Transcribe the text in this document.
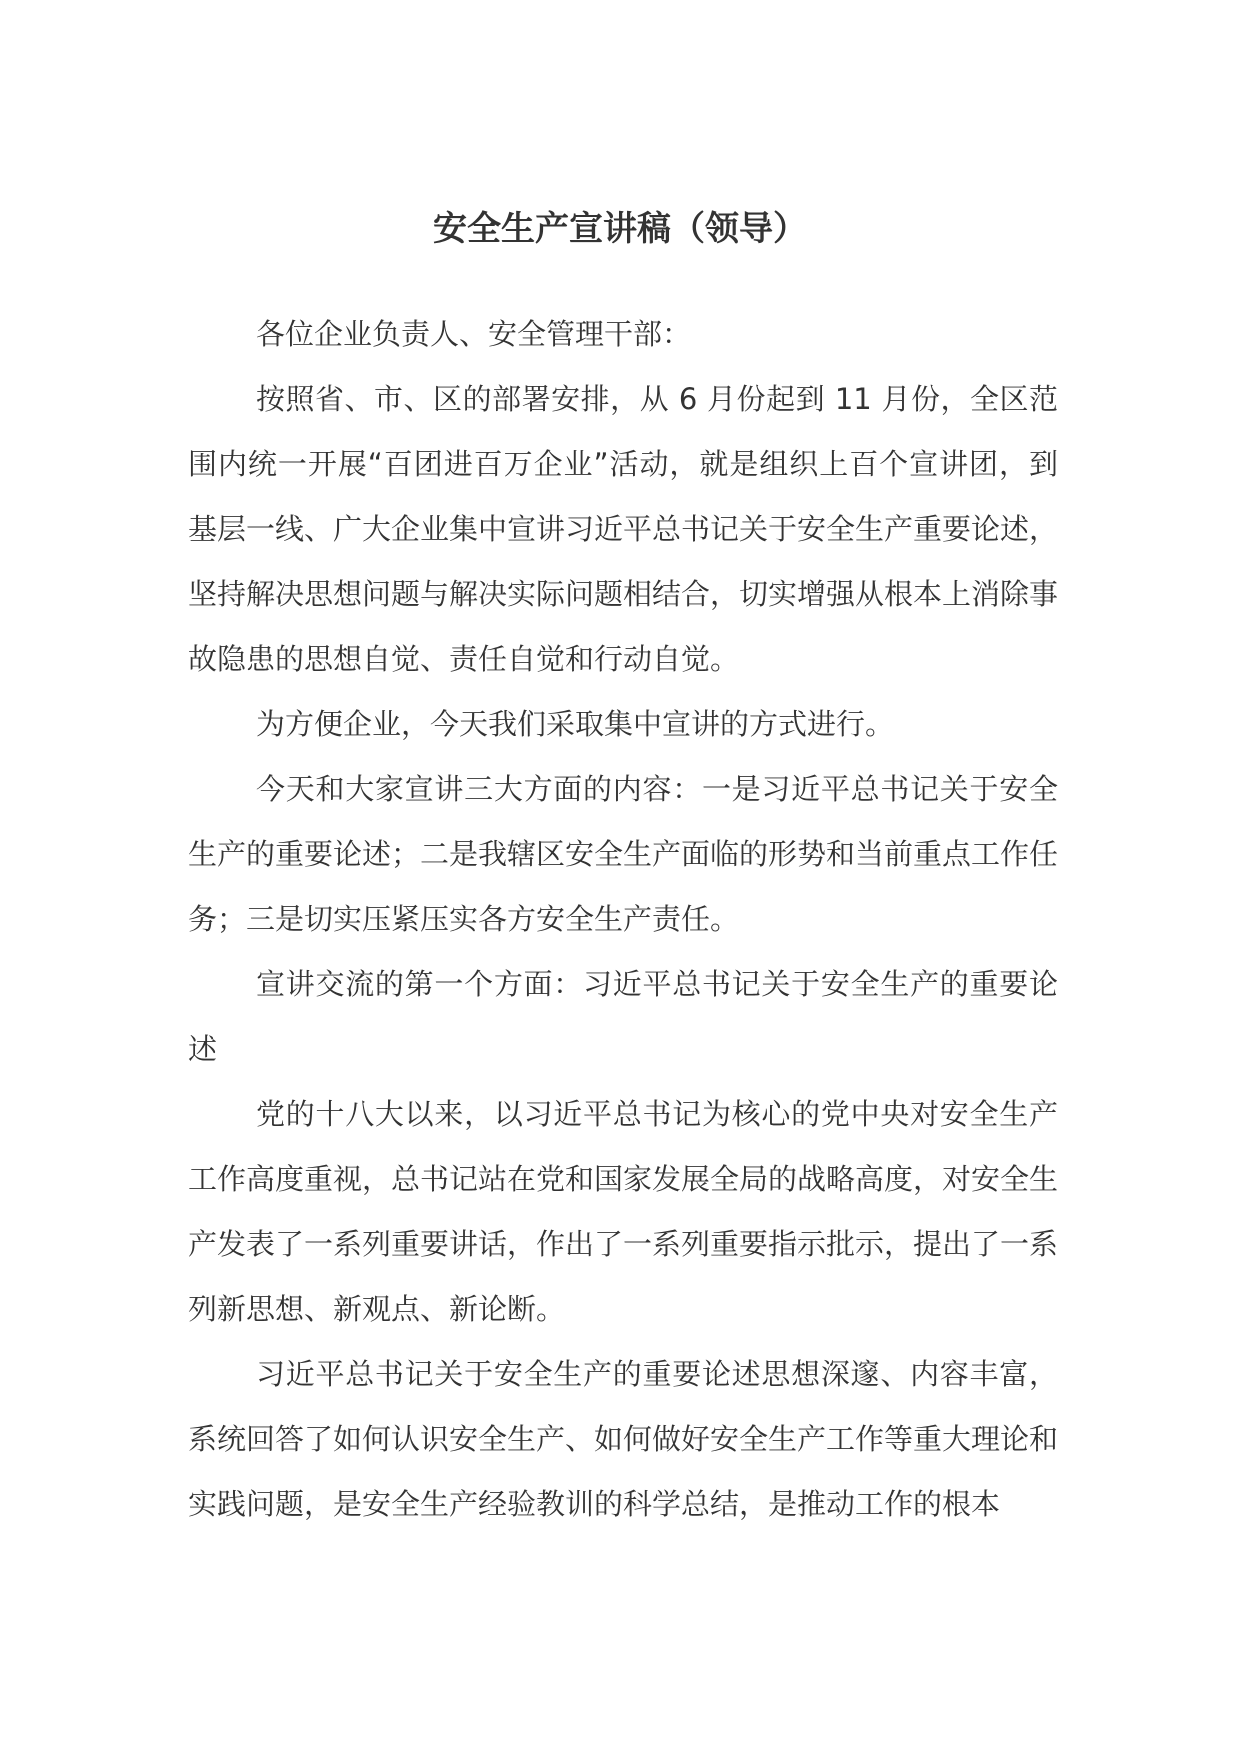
安全生产宣讲稿（领导）

各位企业负责人、安全管理干部：

按照省、市、区的部署安排，从 6 月份起到 11 月份，全区范围内统一开展“百团进百万企业”活动，就是组织上百个宣讲团，到基层一线、广大企业集中宣讲习近平总书记关于安全生产重要论述，坚持解决思想问题与解决实际问题相结合，切实增强从根本上消除事故隐患的思想自觉、责任自觉和行动自觉。

为方便企业，今天我们采取集中宣讲的方式进行。

今天和大家宣讲三大方面的内容：一是习近平总书记关于安全生产的重要论述；二是我辖区安全生产面临的形势和当前重点工作任务；三是切实压紧压实各方安全生产责任。

宣讲交流的第一个方面：习近平总书记关于安全生产的重要论述

党的十八大以来，以习近平总书记为核心的党中央对安全生产工作高度重视，总书记站在党和国家发展全局的战略高度，对安全生产发表了一系列重要讲话，作出了一系列重要指示批示，提出了一系列新思想、新观点、新论断。

习近平总书记关于安全生产的重要论述思想深邃、内容丰富，系统回答了如何认识安全生产、如何做好安全生产工作等重大理论和实践问题，是安全生产经验教训的科学总结，是推动工作的根本
